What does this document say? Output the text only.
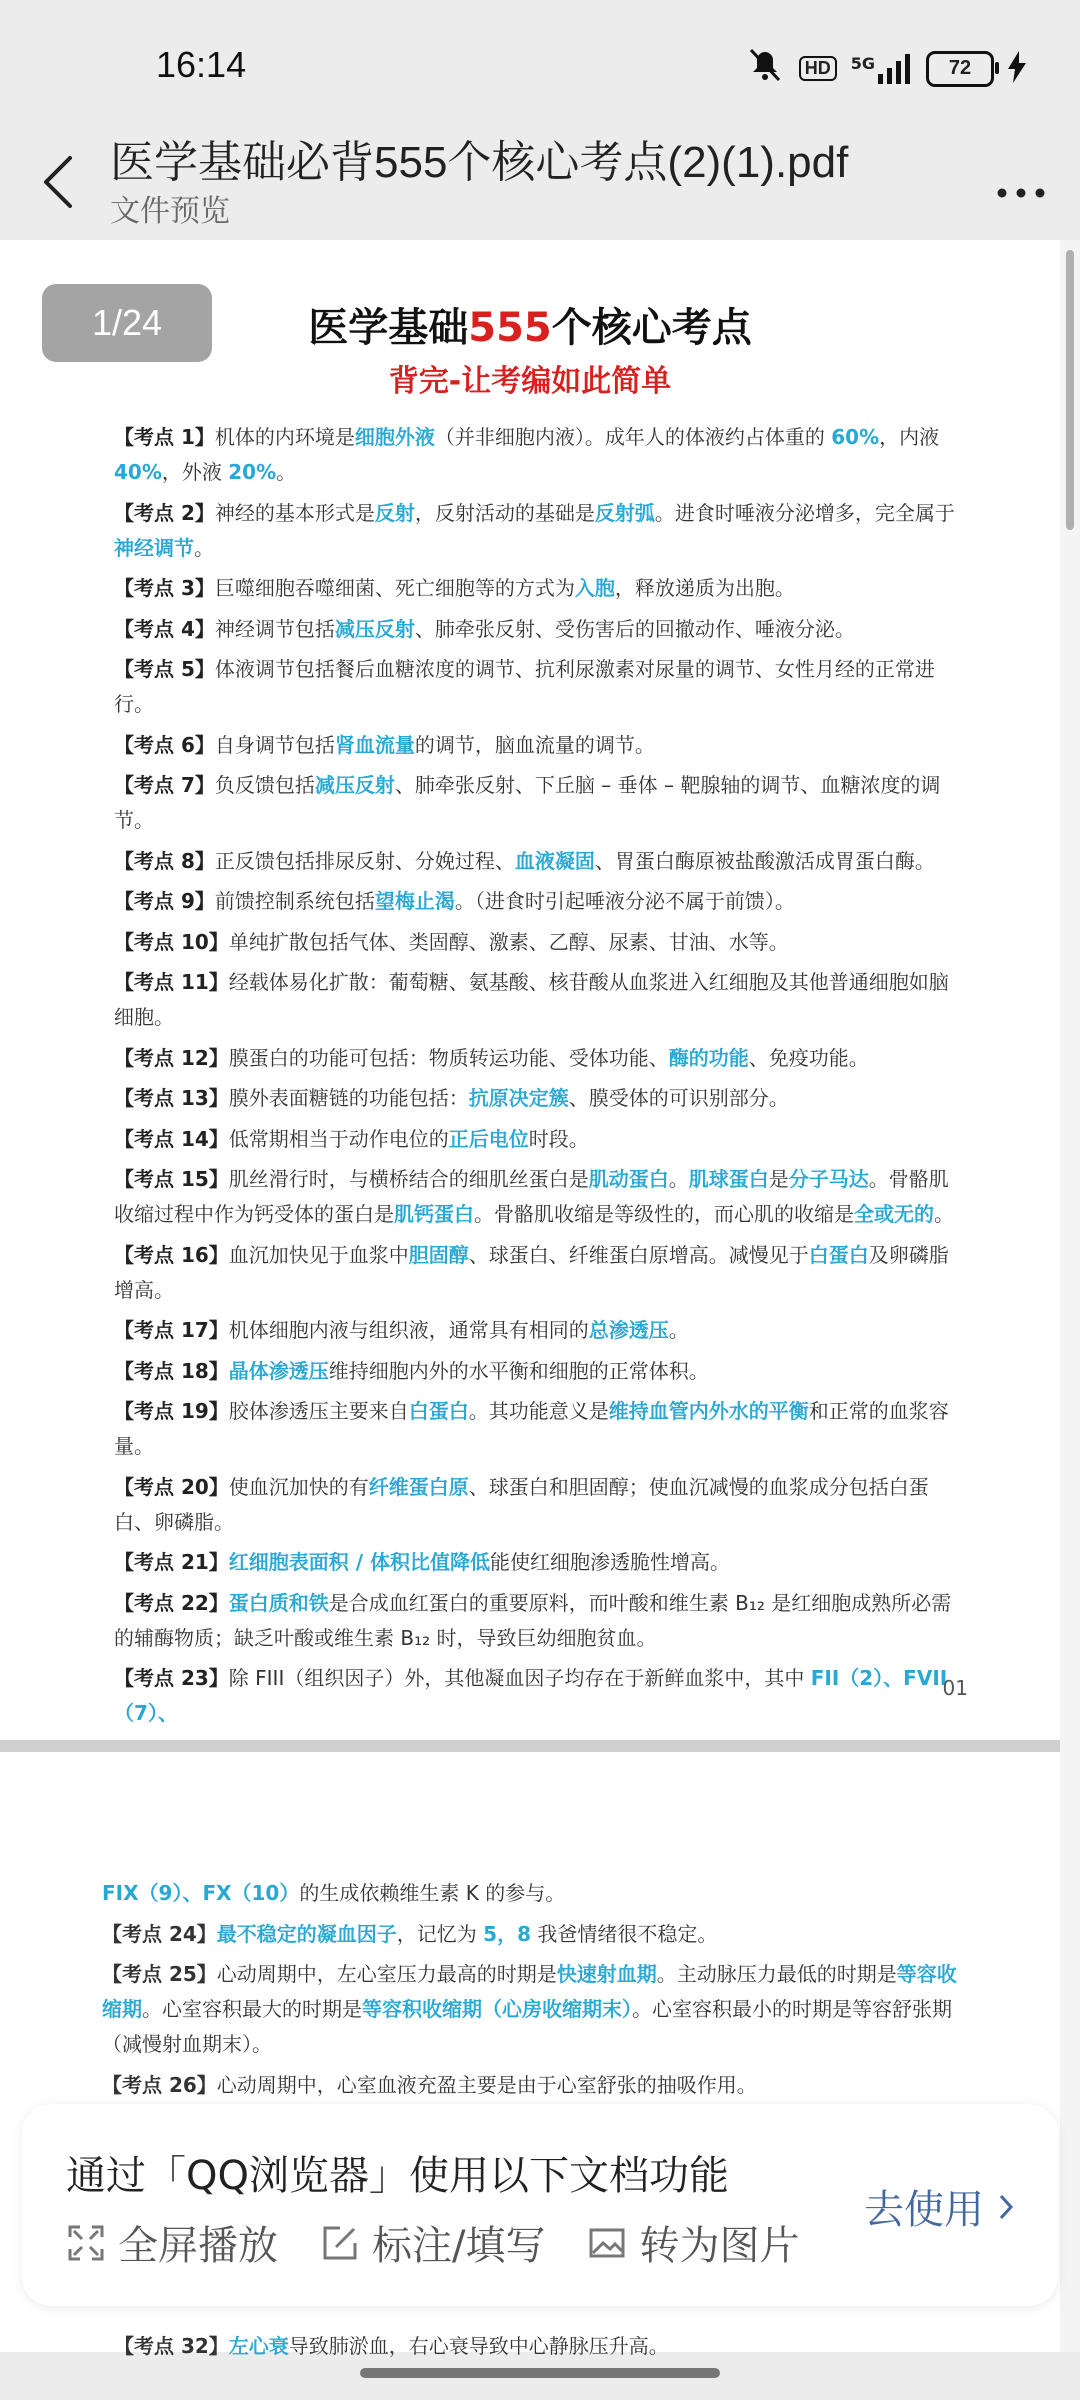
16:14	HD	5G	72
医学基础必背555个核心考点(2)(1).pdf
文件预览
1/24	医学基础555个核心考点
背完-让考编如此简单

【考点 1】机体的内环境是细胞外液（并非细胞内液）。成年人的体液约占体重的 60%，内液 40%，外液 20%。

【考点 2】神经的基本形式是反射，反射活动的基础是反射弧。进食时唾液分泌增多，完全属于神经调节。

【考点 3】巨噬细胞吞噬细菌、死亡细胞等的方式为入胞，释放递质为出胞。

【考点 4】神经调节包括减压反射、肺牵张反射、受伤害后的回撤动作、唾液分泌。

【考点 5】体液调节包括餐后血糖浓度的调节、抗利尿激素对尿量的调节、女性月经的正常进行。

【考点 6】自身调节包括肾血流量的调节，脑血流量的调节。

【考点 7】负反馈包括减压反射、肺牵张反射、下丘脑 – 垂体 – 靶腺轴的调节、血糖浓度的调节。

【考点 8】正反馈包括排尿反射、分娩过程、血液凝固、胃蛋白酶原被盐酸激活成胃蛋白酶。

【考点 9】前馈控制系统包括望梅止渴。（进食时引起唾液分泌不属于前馈）。

【考点 10】单纯扩散包括气体、类固醇、激素、乙醇、尿素、甘油、水等。

【考点 11】经载体易化扩散：葡萄糖、氨基酸、核苷酸从血浆进入红细胞及其他普通细胞如脑细胞。

【考点 12】膜蛋白的功能可包括：物质转运功能、受体功能、酶的功能、免疫功能。

【考点 13】膜外表面糖链的功能包括：抗原决定簇、膜受体的可识别部分。

【考点 14】低常期相当于动作电位的正后电位时段。

【考点 15】肌丝滑行时，与横桥结合的细肌丝蛋白是肌动蛋白。肌球蛋白是分子马达。骨骼肌收缩过程中作为钙受体的蛋白是肌钙蛋白。骨骼肌收缩是等级性的，而心肌的收缩是全或无的。

【考点 16】血沉加快见于血浆中胆固醇、球蛋白、纤维蛋白原增高。减慢见于白蛋白及卵磷脂增高。

【考点 17】机体细胞内液与组织液，通常具有相同的总渗透压。

【考点 18】晶体渗透压维持细胞内外的水平衡和细胞的正常体积。

【考点 19】胶体渗透压主要来自白蛋白。其功能意义是维持血管内外水的平衡和正常的血浆容量。

【考点 20】使血沉加快的有纤维蛋白原、球蛋白和胆固醇；使血沉减慢的血浆成分包括白蛋白、卵磷脂。

【考点 21】红细胞表面积 / 体积比值降低能使红细胞渗透脆性增高。

【考点 22】蛋白质和铁是合成血红蛋白的重要原料，而叶酸和维生素 B₁₂ 是红细胞成熟所必需的辅酶物质；缺乏叶酸或维生素 B₁₂ 时，导致巨幼细胞贫血。

【考点 23】除 FIII（组织因子）外，其他凝血因子均存在于新鲜血浆中，其中 FII（2）、FVII（7）、

01

FIX（9）、FX（10）的生成依赖维生素 K 的参与。

【考点 24】最不稳定的凝血因子，记忆为 5，8 我爸情绪很不稳定。

【考点 25】心动周期中，左心室压力最高的时期是快速射血期。主动脉压力最低的时期是等容收缩期。心室容积最大的时期是等容积收缩期（心房收缩期末）。心室容积最小的时期是等容舒张期（减慢射血期末）。

【考点 26】心动周期中，心室血液充盈主要是由于心室舒张的抽吸作用。

【考点 32】左心衰导致肺淤血，右心衰导致中心静脉压升高。

通过「QQ浏览器」使用以下文档功能
全屏播放 标注/填写 转为图片
去使用
